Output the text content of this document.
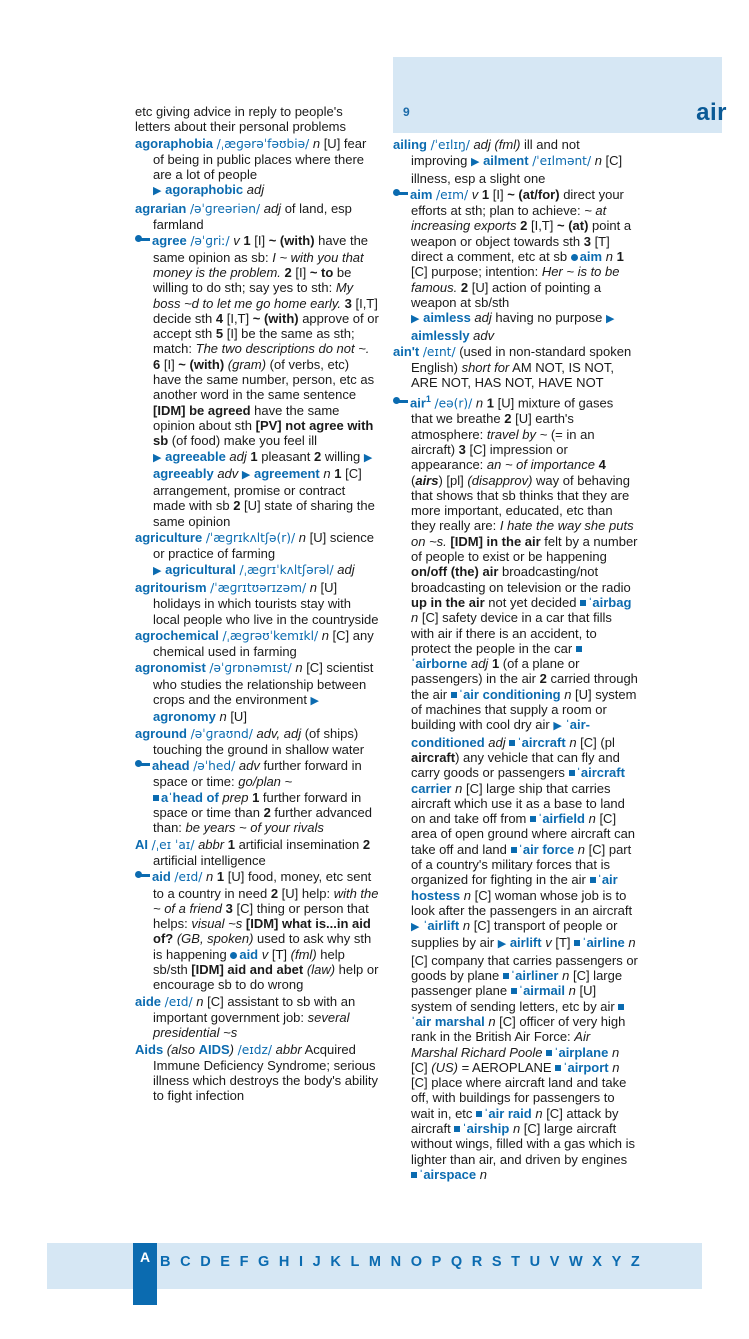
9	air
etc giving advice in reply to people's letters about their personal problems
agoraphobia /ˌæɡərəˈfəʊbiə/ n [U] fear of being in public places where there are a lot of people
▶ agoraphobic adj
agrarian /əˈɡreəriən/ adj of land, esp farmland
agree /əˈɡriː/ v 1 [I] ~ (with) have the same opinion as sb: I ~ with you that money is the problem. 2 [I] ~ to be willing to do sth; say yes to sth: My boss ~d to let me go home early. 3 [I,T] decide sth 4 [I,T] ~ (with) approve of or accept sth 5 [I] be the same as sth; match: The two descriptions do not ~. 6 [I] ~ (with) (gram) (of verbs, etc) have the same number, person, etc as another word in the same sentence [IDM] be agreed have the same opinion about sth [PV] not agree with sb (of food) make you feel ill
▶ agreeable adj 1 pleasant 2 willing ▶ agreeably adv ▶ agreement n 1 [C] arrangement, promise or contract made with sb 2 [U] state of sharing the same opinion
agriculture /ˈæɡrɪkʌltʃə(r)/ n [U] science or practice of farming
▶ agricultural /ˌæɡrɪˈkʌltʃərəl/ adj
agritourism /ˈæɡrɪtʊərɪzəm/ n [U] holidays in which tourists stay with local people who live in the countryside
agrochemical /ˌæɡrəʊˈkemɪkl/ n [C] any chemical used in farming
agronomist /əˈɡrɒnəmɪst/ n [C] scientist who studies the relationship between crops and the environment ▶ agronomy n [U]
aground /əˈɡraʊnd/ adv, adj (of ships) touching the ground in shallow water
ahead /əˈhed/ adv further forward in space or time: go/plan ~
aˈhead of prep 1 further forward in space or time than 2 further advanced than: be years ~ of your rivals
AI /ˌeɪ ˈaɪ/ abbr 1 artificial insemination 2 artificial intelligence
aid /eɪd/ n 1 [U] food, money, etc sent to a country in need 2 [U] help: with the ~ of a friend 3 [C] thing or person that helps: visual ~s [IDM] what is...in aid of? (GB, spoken) used to ask why sth is happening aid v [T] (fml) help sb/sth [IDM] aid and abet (law) help or encourage sb to do wrong
aide /eɪd/ n [C] assistant to sb with an important government job: several presidential ~s
Aids (also AIDS) /eɪdz/ abbr Acquired Immune Deficiency Syndrome; serious illness which destroys the body's ability to fight infection
ailing /ˈeɪlɪŋ/ adj (fml) ill and not improving ▶ ailment /ˈeɪlmənt/ n [C] illness, esp a slight one
aim /eɪm/ v 1 [I] ~ (at/for) direct your efforts at sth; plan to achieve: ~ at increasing exports 2 [I,T] ~ (at) point a weapon or object towards sth 3 [T] direct a comment, etc at sb aim n 1 [C] purpose; intention: Her ~ is to be famous. 2 [U] action of pointing a weapon at sb/sth
▶ aimless adj having no purpose ▶ aimlessly adv
ain't /eɪnt/ (used in non-standard spoken English) short for AM NOT, IS NOT, ARE NOT, HAS NOT, HAVE NOT
air$^1$ /eə(r)/ n 1 [U] mixture of gases that we breathe 2 [U] earth's atmosphere: travel by ~ (= in an aircraft) 3 [C] impression or appearance: an ~ of importance 4 (airs) [pl] (disapprov) way of behaving that shows that sb thinks that they are more important, educated, etc than they really are: I hate the way she puts on ~s. [IDM] in the air felt by a number of people to exist or be happening on/off (the) air broadcasting/not broadcasting on television or the radio up in the air not yet decided ˈairbag n [C] safety device in a car that fills with air if there is an accident, to protect the people in the car ˈairborne adj 1 (of a plane or passengers) in the air 2 carried through the air ˈair conditioning n [U] system of machines that supply a room or building with cool dry air ▶ ˈair-conditioned adj ˈaircraft n [C] (pl aircraft) any vehicle that can fly and carry goods or passengers ˈaircraft carrier n [C] large ship that carries aircraft which use it as a base to land on and take off from ˈairfield n [C] area of open ground where aircraft can take off and land ˈair force n [C] part of a country's military forces that is organized for fighting in the air ˈair hostess n [C] woman whose job is to look after the passengers in an aircraft ▶ ˈairlift n [C] transport of people or supplies by air ▶ airlift v [T] ˈairline n [C] company that carries passengers or goods by plane ˈairliner n [C] large passenger plane ˈairmail n [U] system of sending letters, etc by air ˈair marshal n [C] officer of very high rank in the British Air Force: Air Marshal Richard Poole ˈairplane n [C] (US) = AEROPLANE ˈairport n [C] place where aircraft land and take off, with buildings for passengers to wait in, etc ˈair raid n [C] attack by aircraft ˈairship n [C] large aircraft without wings, filled with a gas which is lighter than air, and driven by engines ˈairspace n
A B C D E F G H I J K L M N O P Q R S T U V W X Y Z
